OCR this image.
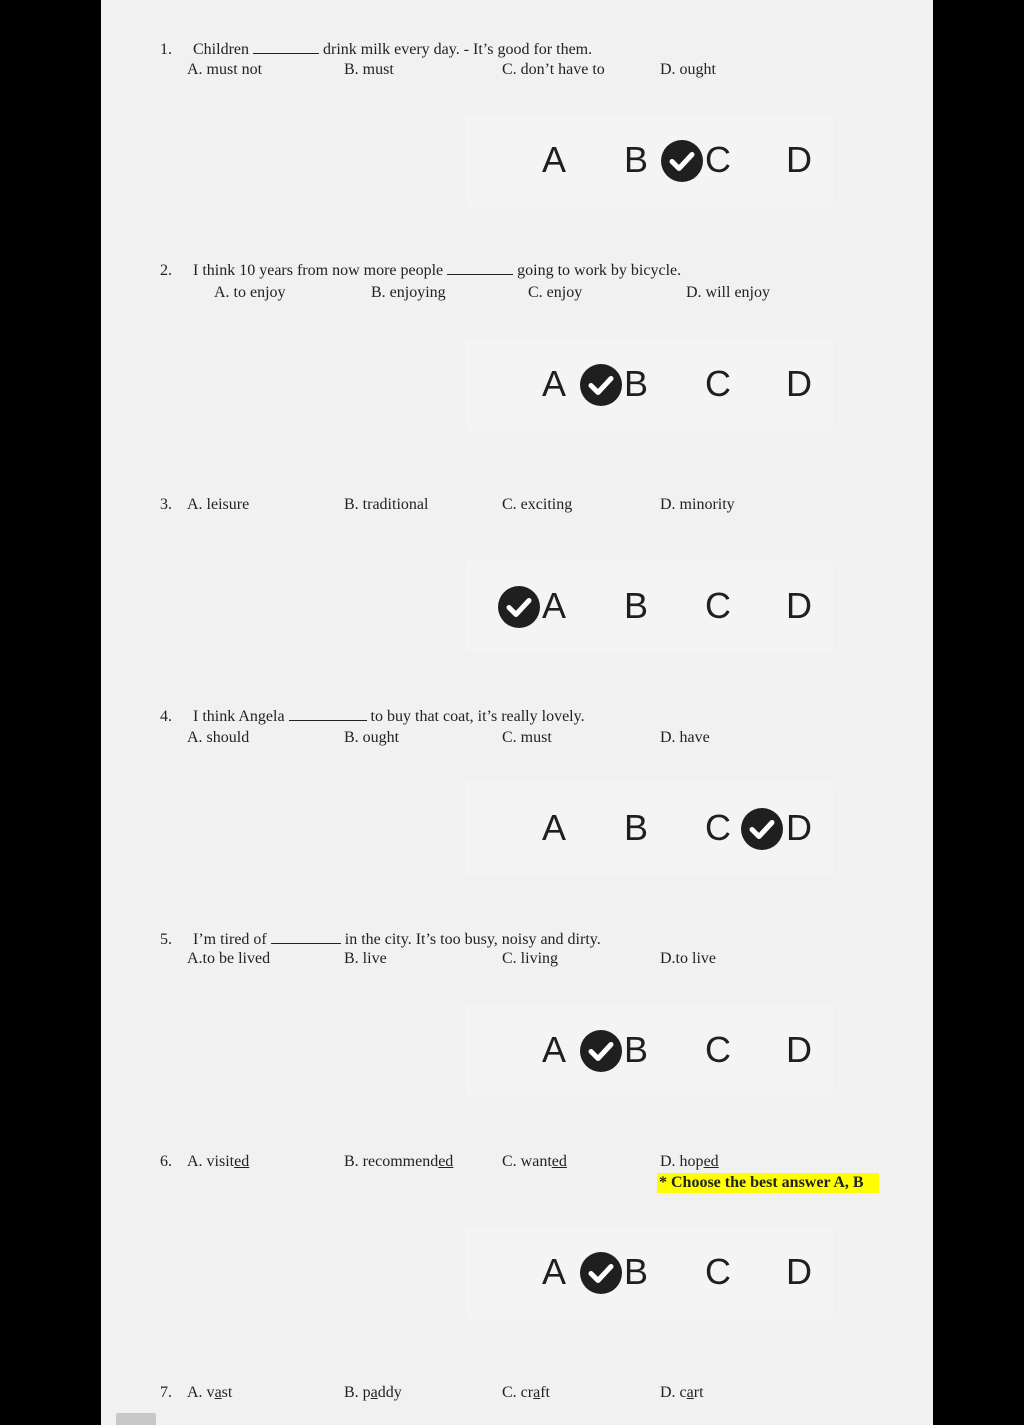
1. Children	drink milk every day. - It’s good for them.
A. must not	B. must	C. don’t have to	D. ought
A B C D
2. I think 10 years from now more people	going to work by bicycle.
A. to enjoy	B. enjoying	C. enjoy	D. will enjoy
A B C D
3. A. leisure	B. traditional	C. exciting	D. minority
A B C D
4. I think Angela	to buy that coat, it’s really lovely.
A. should	B. ought	C. must	D. have
A B C D
5. I’m tired of	in the city. It’s too busy, noisy and dirty.
A.to be lived	B. live	C. living	D.to live
A B C D
6. A. visited	B. recommended	C. wanted	D. hoped
* Choose the best answer A, B
A B C D
7. A. vast	B. paddy	C. craft	D. cart
